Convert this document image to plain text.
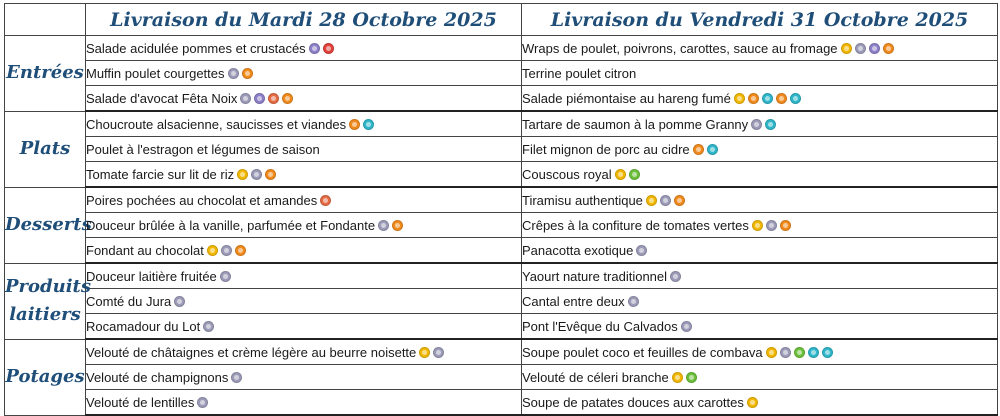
	Livraison du Mardi 28 Octobre 2025	Livraison du Vendredi 31 Octobre 2025
Entrées	Salade acidulée pommes et crustacés	Wraps de poulet, poivrons, carottes, sauce au fromage
	Muffin poulet courgettes	Terrine poulet citron
	Salade d'avocat Fêta Noix	Salade piémontaise au hareng fumé
Plats	Choucroute alsacienne, saucisses et viandes	Tartare de saumon à la pomme Granny
	Poulet à l'estragon et légumes de saison	Filet mignon de porc au cidre
	Tomate farcie sur lit de riz	Couscous royal
Desserts	Poires pochées au chocolat et amandes	Tiramisu authentique
	Douceur brûlée à la vanille, parfumée et Fondante	Crêpes à la confiture de tomates vertes
	Fondant au chocolat	Panacotta exotique
Produits laitiers	Douceur laitière fruitée	Yaourt nature traditionnel
	Comté du Jura	Cantal entre deux
	Rocamadour du Lot	Pont l'Evêque du Calvados
Potages	Velouté de châtaignes et crème légère au beurre noisette	Soupe poulet coco et feuilles de combava
	Velouté de champignons	Velouté de céleri branche
	Velouté de lentilles	Soupe de patates douces aux carottes
